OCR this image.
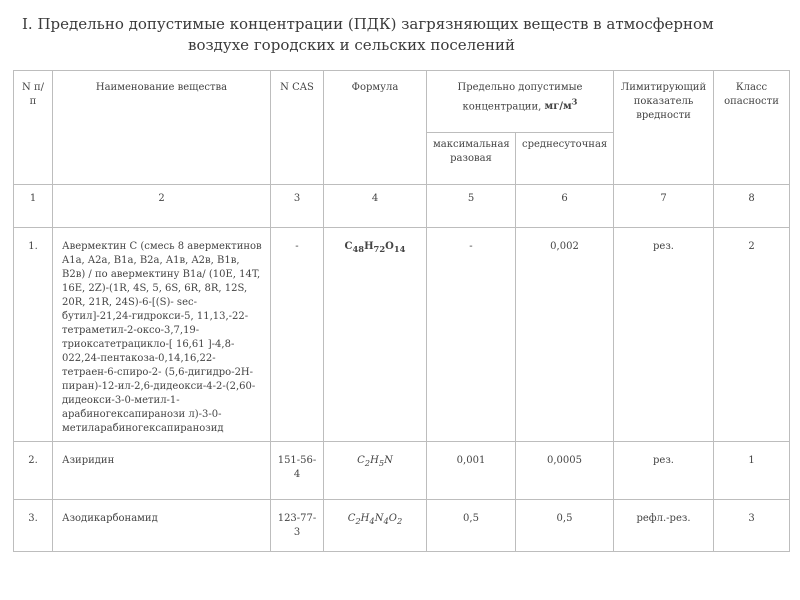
I. Предельно допустимые концентрации (ПДК) загрязняющих веществ в атмосферном
воздухе городских и сельских поселений
N п/п	Наименование вещества	N CAS	Формула	Предельно допустимые концентрации, $мг/м^3$		Лимитирующий показатель вредности	Класс опасности
				максимальная разовая	среднесуточная		
1	2	3	4	5	6	7	8
1.	Авермектин С (смесь 8 авермектинов A1a, A2a, B1a, B2a, A1в, A2в, B1в, B2в) / по авермектину B1a/ (10E, 14T, 16E, 2Z)-(1R, 4S, 5, 6S, 6R, 8R, 12S, 20R, 21R, 24S)-6-[(S)- sec-бутил]-21,24-гидрокси-5, 11,13,-22-тетраметил-2-оксо-3,7,19-триоксатетрацикло-[ 16,61 ]-4,8-022,24-пентакоза-0,14,16,22-тетраен-6-спиро-2- (5,6-дигидро-2Н-пиран)-12-ил-2,6-дидеокси-4-2-(2,60-дидеокси-3-0-метил-1-арабиногексапиранози л)-3-0-метиларабиногексапиранозид	-	$C_{48}H_{72}O_{14}$	-	0,002	рез.	2
2.	Азиридин	151-56-4	$C_2H_5N$	0,001	0,0005	рез.	1
3.	Азодикарбонамид	123-77-3	$C_2H_4N_4O_2$	0,5	0,5	рефл.-рез.	3
